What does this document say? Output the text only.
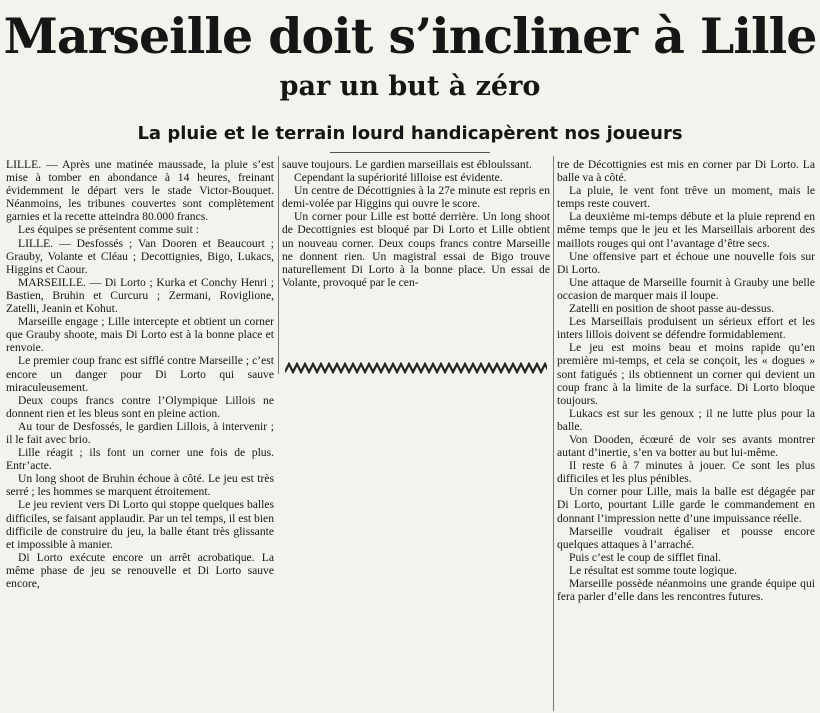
Marseille doit s’incliner à Lille
par un but à zéro
La pluie et le terrain lourd handicapèrent nos joueurs

LILLE. — Après une matinée maussade, la pluie s’est mise à tomber en abondance à 14 heures, freinant évidemment le départ vers le stade Victor-Bouquet. Néanmoins, les tribunes couvertes sont complètement garnies et la recette atteindra 80.000 francs.

Les équipes se présentent comme suit :

LILLE. — Desfossés ; Van Dooren et Beaucourt ; Grauby, Volante et Cléau ; Decottignies, Bigo, Lukacs, Higgins et Caour.

MARSEILLE. — Di Lorto ; Kurka et Conchy Henri ; Bastien, Bruhin et Curcuru ; Zermani, Roviglione, Zatelli, Jeanin et Kohut.

Marseille engage ; Lille intercepte et obtient un corner que Grauby shoote, mais Di Lorto est à la bonne place et renvoie.

Le premier coup franc est sifflé contre Marseille ; c’est encore un danger pour Di Lorto qui sauve miraculeusement.

Deux coups francs contre l’Olympique Lillois ne donnent rien et les bleus sont en pleine action.

Au tour de Desfossés, le gardien Lillois, à intervenir ; il le fait avec brio.

Lille réagit ; ils font un corner une fois de plus. Entr’acte.

Un long shoot de Bruhin échoue à côté. Le jeu est très serré ; les hommes se marquent étroitement.

Le jeu revient vers Di Lorto qui stoppe quelques balles difficiles, se faisant applaudir. Par un tel temps, il est bien difficile de construire du jeu, la balle étant très glissante et impossible à manier.

Di Lorto exécute encore un arrêt acrobatique. La même phase de jeu se renouvelle et Di Lorto sauve encore,

sauve toujours. Le gardien marseillais est ébloulssant.

Cependant la supériorité lilloise est évidente.

Un centre de Décottignies à la 27e minute est repris en demi-volée par Higgins qui ouvre le score.

Un corner pour Lille est botté derrière. Un long shoot de Decottignies est bloqué par Di Lorto et Lille obtient un nouveau corner. Deux coups francs contre Marseille ne donnent rien. Un magistral essai de Bigo trouve naturellement Di Lorto à la bonne place. Un essai de Volante, provoqué par le cen-

tre de Décottignies est mis en corner par Di Lorto. La balle va à côté.

La pluie, le vent font trêve un moment, mais le temps reste couvert.

La deuxième mi-temps débute et la pluie reprend en même temps que le jeu et les Marseillais arborent des maillots rouges qui ont l’avantage d’être secs.

Une offensive part et échoue une nouvelle fois sur Di Lorto.

Une attaque de Marseille fournit à Grauby une belle occasion de marquer mais il loupe.

Zatelli en position de shoot passe au-dessus.

Les Marseillais produisent un sérieux effort et les inters lillois doivent se défendre formidablement.

Le jeu est moins beau et moins rapide qu’en première mi-temps, et cela se conçoit, les « dogues » sont fatigués ; ils obtiennent un corner qui devient un coup franc à la limite de la surface. Di Lorto bloque toujours.

Lukacs est sur les genoux ; il ne lutte plus pour la balle.

Von Dooden, écœuré de voir ses avants montrer autant d’inertie, s’en va botter au but lui-même.

Il reste 6 à 7 minutes à jouer. Ce sont les plus difficiles et les plus pénibles.

Un corner pour Lille, mais la balle est dégagée par Di Lorto, pourtant Lille garde le commandement en donnant l’impression nette d’une impuissance réelle.

Marseille voudrait égaliser et pousse encore quelques attaques à l’arraché.

Puis c’est le coup de sifflet final.

Le résultat est somme toute logique.

Marseille possède néanmoins une grande équipe qui fera parler d’elle dans les rencontres futures.
